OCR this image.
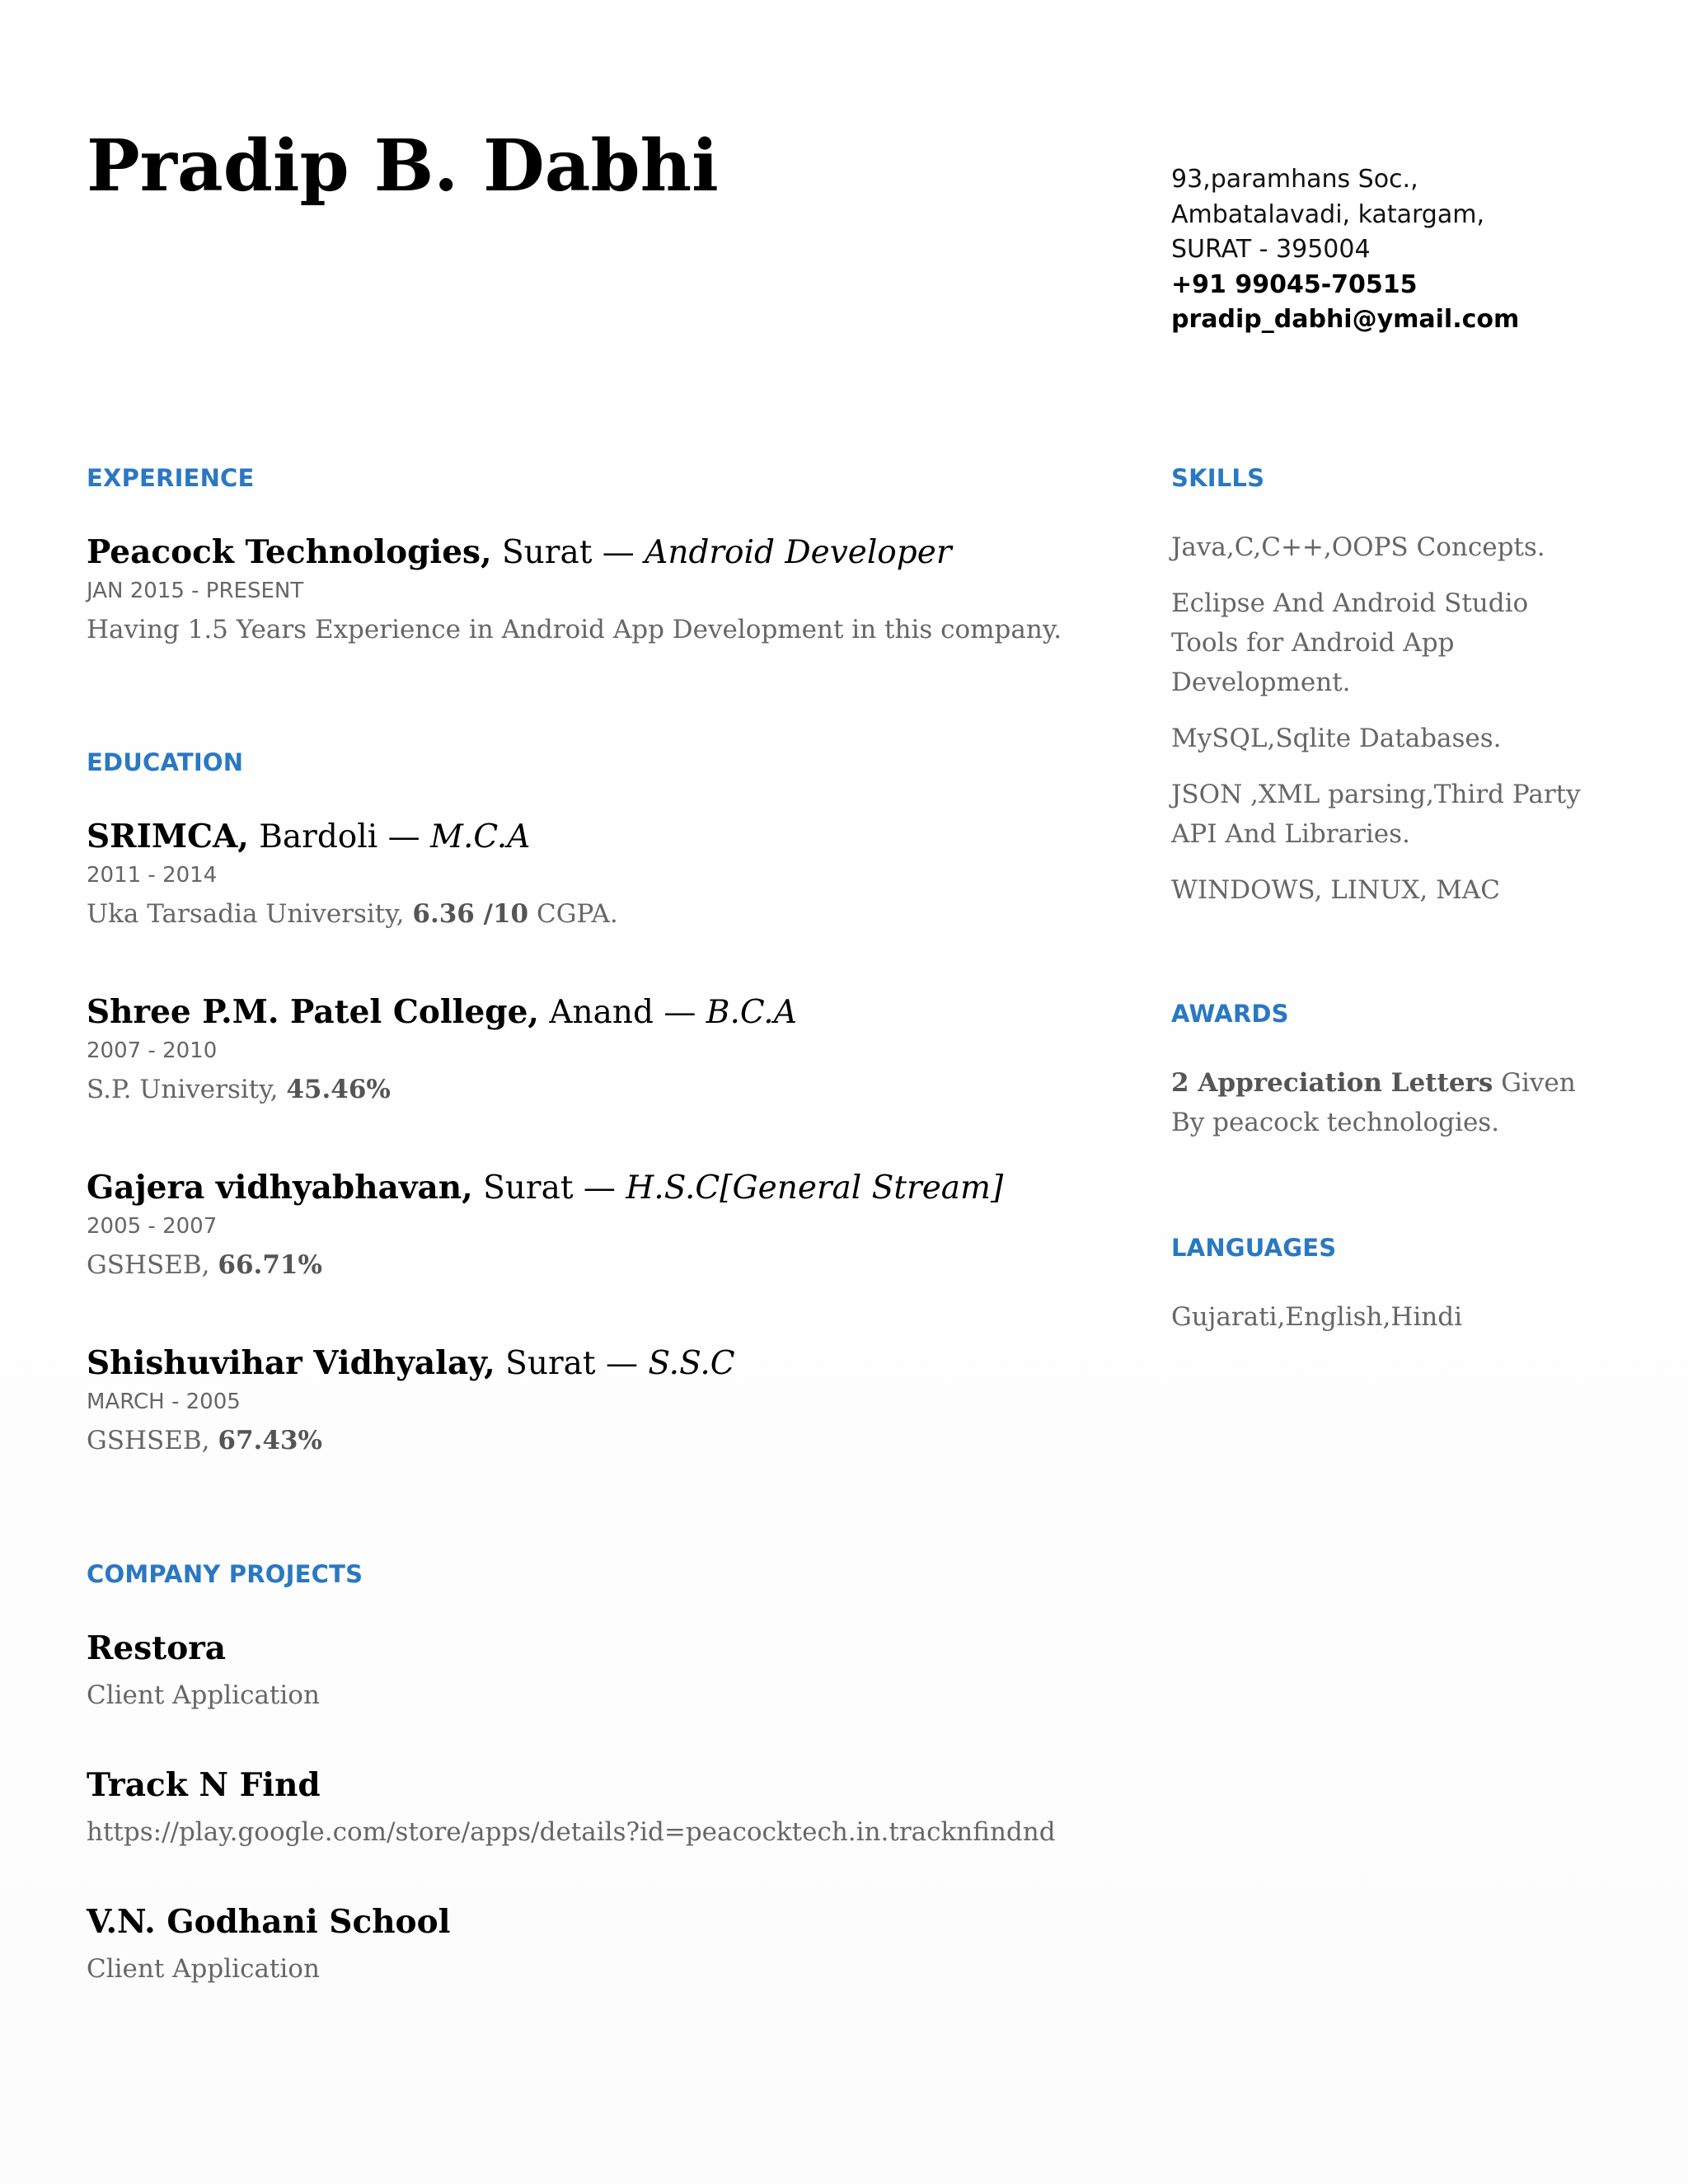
Pradip B. Dabhi	93,paramhans Soc.,
Ambatalavadi, katargam,
SURAT - 395004
+91 99045-70515
pradip_dabhi@ymail.com
EXPERIENCE

Peacock Technologies, Surat — Android Developer

JAN 2015 - PRESENT

Having 1.5 Years Experience in Android App Development in this company.

EDUCATION

SRIMCA, Bardoli — M.C.A

2011 - 2014

Uka Tarsadia University, 6.36 /10 CGPA.

Shree P.M. Patel College, Anand — B.C.A

2007 - 2010

S.P. University, 45.46%

Gajera vidhyabhavan, Surat — H.S.C[General Stream]

2005 - 2007

GSHSEB, 66.71%

Shishuvihar Vidhyalay, Surat — S.S.C

MARCH - 2005

GSHSEB, 67.43%

COMPANY PROJECTS

Restora

Client Application

Track N Find

https://play.google.com/store/apps/details?id=peacocktech.in.tracknfindnd

V.N. Godhani School

Client Application

SKILLS

Java,C,C++,OOPS Concepts.

Eclipse And Android Studio Tools for Android App Development.

MySQL,Sqlite Databases.

JSON ,XML parsing,Third Party API And Libraries.

WINDOWS, LINUX, MAC

AWARDS

2 Appreciation Letters Given By peacock technologies.

LANGUAGES

Gujarati,English,Hindi
